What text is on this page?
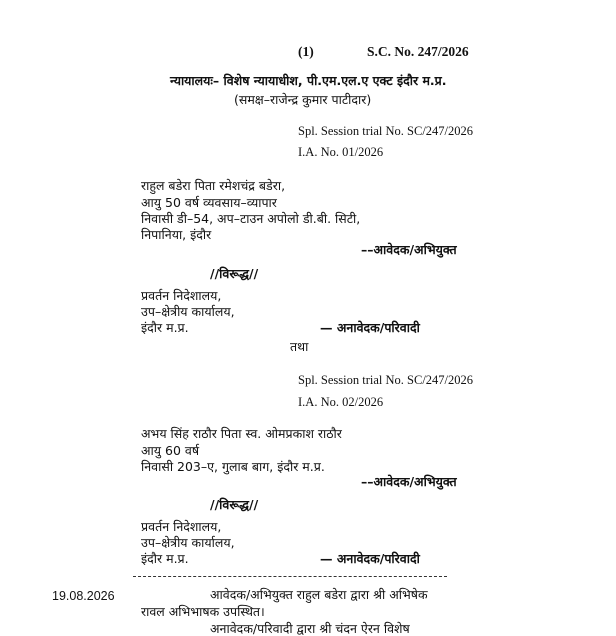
(1)	S.C. No. 247/2026
न्यायालयः– विशेष न्यायाधीश, पी.एम.एल.ए एक्ट इंदौर म.प्र.
(समक्ष–राजेन्द्र कुमार पाटीदार)
Spl. Session trial No. SC/247/2026
I.A. No. 01/2026
राहुल बडेरा पिता रमेशचंद्र बडेरा,
आयु 50 वर्ष व्यवसाय–व्यापार
निवासी डी–54, अप–टाउन अपोलो डी.बी. सिटी,
निपानिया, इंदौर
––आवेदक/अभियुक्त
//विरूद्ध//
प्रवर्तन निदेशालय,
उप–क्षेत्रीय कार्यालय,
इंदौर म.प्र.	— अनावेदक/परिवादी
तथा
Spl. Session trial No. SC/247/2026
I.A. No. 02/2026
अभय सिंह राठौर पिता स्व. ओमप्रकाश राठौर
आयु 60 वर्ष
निवासी 203–ए, गुलाब बाग, इंदौर म.प्र.
––आवेदक/अभियुक्त
//विरूद्ध//
प्रवर्तन निदेशालय,
उप–क्षेत्रीय कार्यालय,
इंदौर म.प्र.	— अनावेदक/परिवादी
19.08.2026	आवेदक/अभियुक्त राहुल बडेरा द्वारा श्री अभिषेक
रावल अभिभाषक उपस्थित।
अनावेदक/परिवादी द्वारा श्री चंदन ऐरन विशेष
